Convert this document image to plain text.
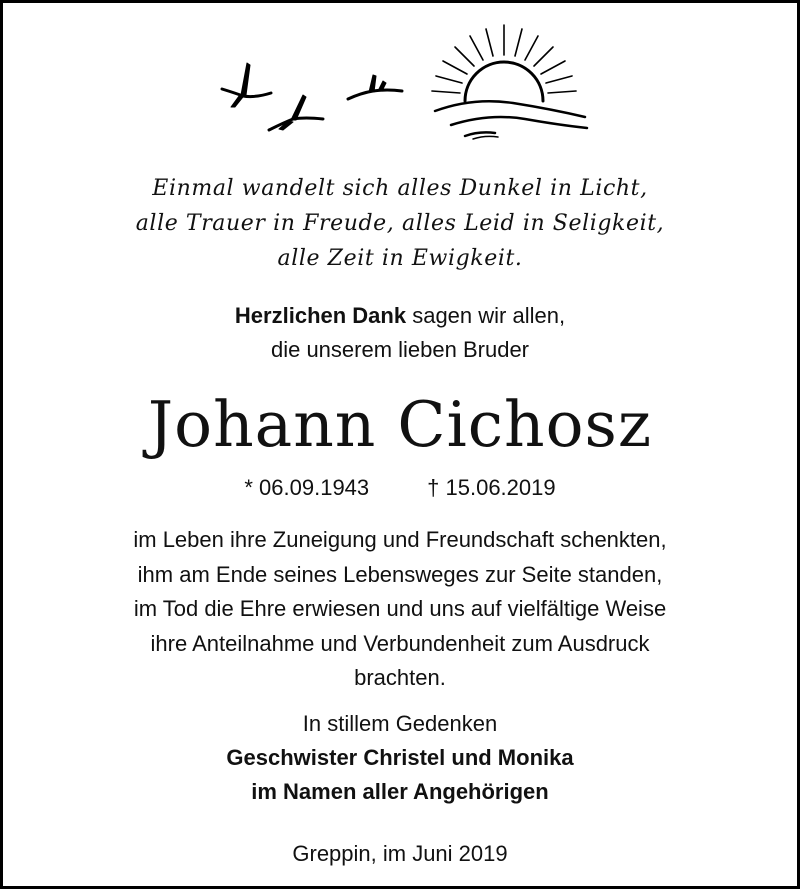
Einmal wandelt sich alles Dunkel in Licht,
alle Trauer in Freude, alles Leid in Seligkeit,
alle Zeit in Ewigkeit.
Herzlichen Dank sagen wir allen,
die unserem lieben Bruder
Johann Cichosz
* 06.09.1943	† 15.06.2019
im Leben ihre Zuneigung und Freundschaft schenkten,
ihm am Ende seines Lebensweges zur Seite standen,
im Tod die Ehre erwiesen und uns auf vielfältige Weise
ihre Anteilnahme und Verbundenheit zum Ausdruck
brachten.
In stillem Gedenken
Geschwister Christel und Monika
im Namen aller Angehörigen
Greppin, im Juni 2019
